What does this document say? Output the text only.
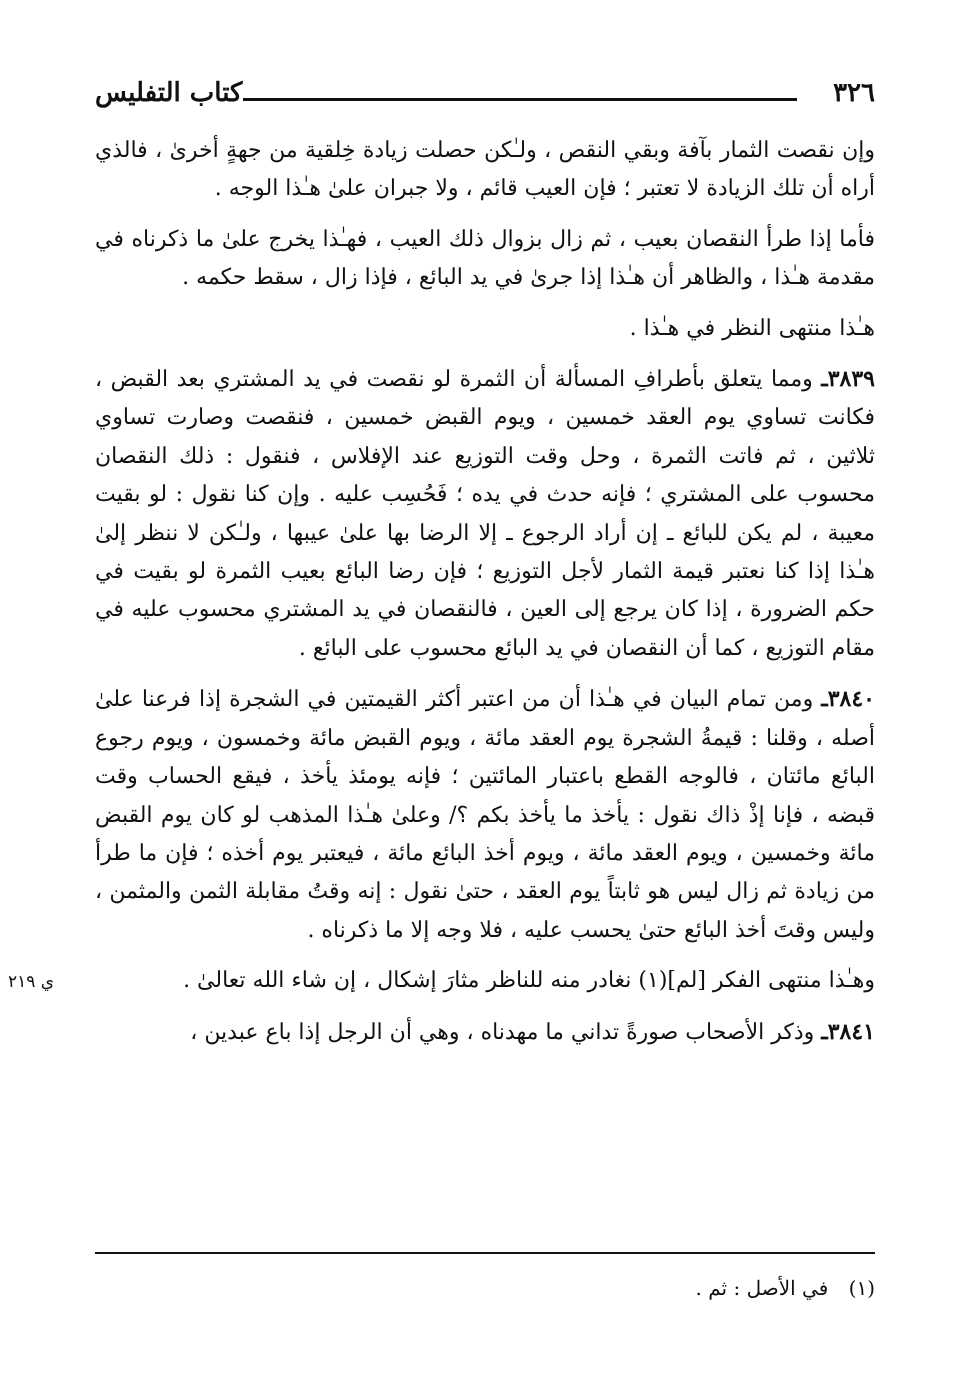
٣٢٦
كتاب التفليس

وإن نقصت الثمار بآفة وبقي النقص ، ولـٰكن حصلت زيادة خِلقية من جهةٍ أخرىٰ ، فالذي أراه أن تلك الزيادة لا تعتبر ؛ فإن العيب قائم ، ولا جبران علىٰ هـٰذا الوجه .

فأما إذا طرأ النقصان بعيب ، ثم زال بزوال ذلك العيب ، فهـٰذا يخرج علىٰ ما ذكرناه في مقدمة هـٰذا ، والظاهر أن هـٰذا إذا جرىٰ في يد البائع ، فإذا زال ، سقط حكمه .

هـٰذا منتهى النظر في هـٰذا .

٣٨٣٩ـ ومما يتعلق بأطرافِ المسألة أن الثمرة لو نقصت في يد المشتري بعد القبض ، فكانت تساوي يوم العقد خمسين ، ويوم القبض خمسين ، فنقصت وصارت تساوي ثلاثين ، ثم فاتت الثمرة ، وحل وقت التوزيع عند الإفلاس ، فنقول : ذلك النقصان محسوب على المشتري ؛ فإنه حدث في يده ؛ فَحُسِب عليه . وإن كنا نقول : لو بقيت معيبة ، لم يكن للبائع ـ إن أراد الرجوع ـ إلا الرضا بها علىٰ عيبها ، ولـٰكن لا ننظر إلىٰ هـٰذا إذا كنا نعتبر قيمة الثمار لأجل التوزيع ؛ فإن رضا البائع بعيب الثمرة لو بقيت في حكم الضرورة ، إذا كان يرجع إلى العين ، فالنقصان في يد المشتري محسوب عليه في مقام التوزيع ، كما أن النقصان في يد البائع محسوب على البائع .

٣٨٤٠ـ ومن تمام البيان في هـٰذا أن من اعتبر أكثر القيمتين في الشجرة إذا فرعنا علىٰ أصله ، وقلنا : قيمةُ الشجرة يوم العقد مائة ، ويوم القبض مائة وخمسون ، ويوم رجوع البائع مائتان ، فالوجه القطع باعتبار المائتين ؛ فإنه يومئذ يأخذ ، فيقع الحساب وقت قبضه ، فإنا إذْ ذاك نقول : يأخذ ما يأخذ بكم ؟/ وعلىٰ هـٰذا المذهب لو كان يوم القبض مائة وخمسين ، ويوم العقد مائة ، ويوم أخذ البائع مائة ، فيعتبر يوم أخذه ؛ فإن ما طرأ من زيادة ثم زال ليس هو ثابتاً يوم العقد ، حتىٰ نقول : إنه وقتُ مقابلة الثمن والمثمن ، وليس وقتَ أخذ البائع حتىٰ يحسب عليه ، فلا وجه إلا ما ذكرناه .

وهـٰذا منتهى الفكر [لم](١) نغادر منه للناظر مثارَ إشكال ، إن شاء الله تعالىٰ .

٣٨٤١ـ وذكر الأصحاب صورةً تداني ما مهدناه ، وهي أن الرجل إذا باع عبدين ،

ي ٢١٩
(١) في الأصل : ثم .
